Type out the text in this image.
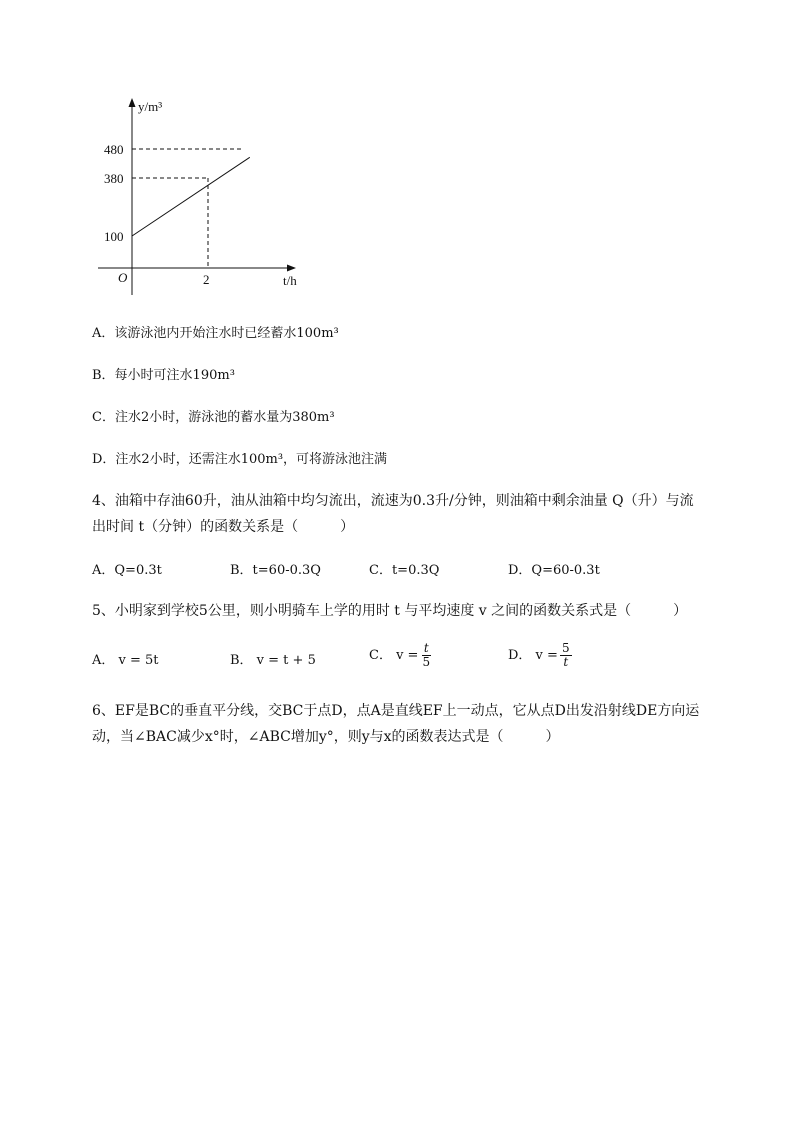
y/m³
t/h
O
480
380
100
2
A．该游泳池内开始注水时已经蓄水100m³
B．每小时可注水190m³
C．注水2小时，游泳池的蓄水量为380m³
D．注水2小时，还需注水100m³，可将游泳池注满
4、油箱中存油60升，油从油箱中均匀流出，流速为0.3升/分钟，则油箱中剩余油量 Q（升）与流
出时间 t（分钟）的函数关系是（　　　）
A．Q=0.3t	B．t=60-0.3Q	C．t=0.3Q	D．Q=60-0.3t
5、小明家到学校5公里，则小明骑车上学的用时 t 与平均速度 v 之间的函数关系式是（　　　）
A． v = 5t	B． v = t + 5	C． $v = \frac{t}{5}$	D． $v = \frac{5}{t}$
6、EF是BC的垂直平分线，交BC于点D，点A是直线EF上一动点，它从点D出发沿射线DE方向运
动，当∠BAC减少x°时，∠ABC增加y°，则y与x的函数表达式是（　　　）
